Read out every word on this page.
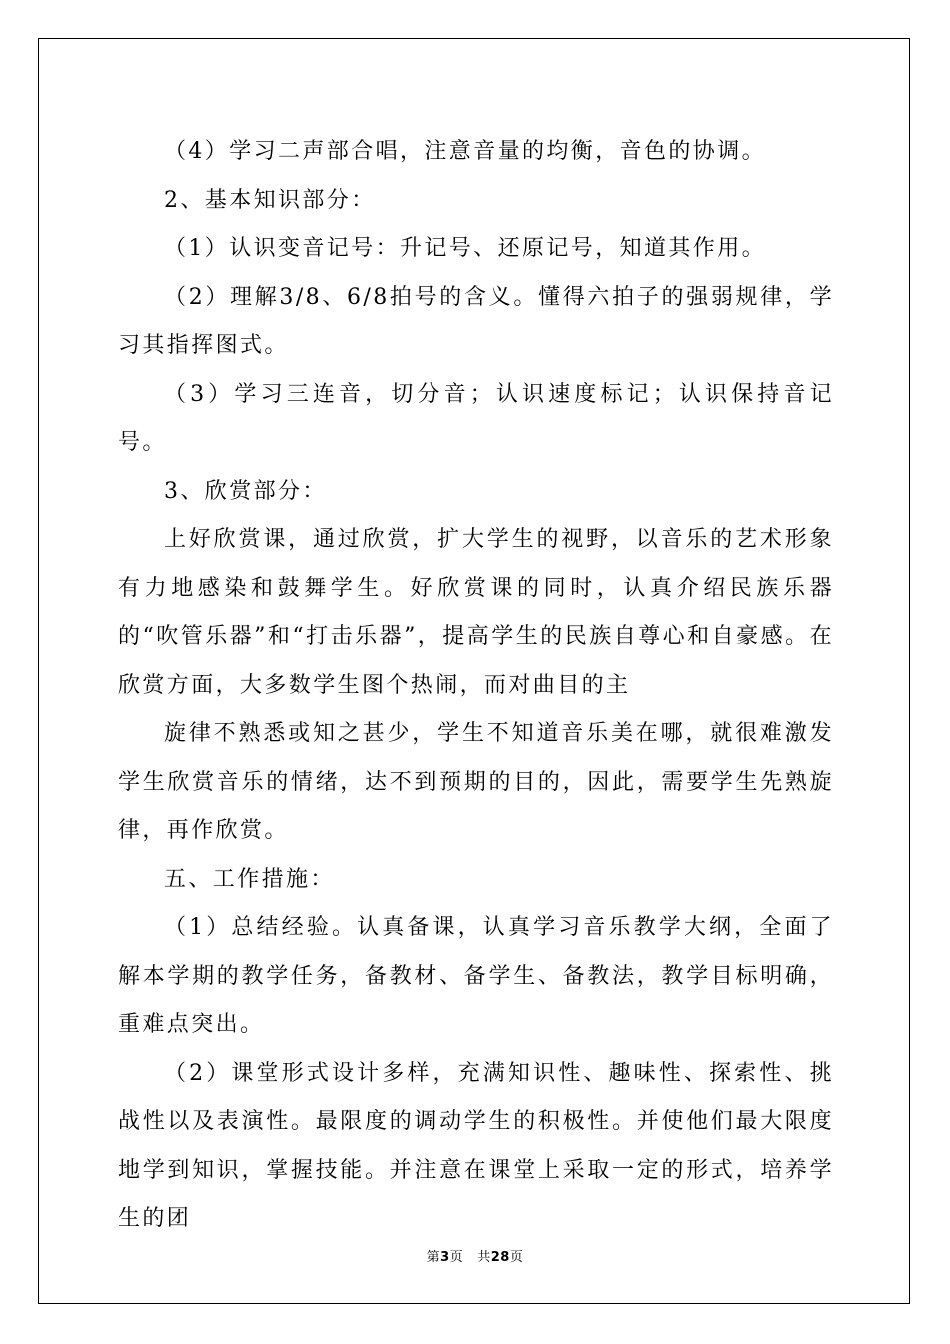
（4）学习二声部合唱，注意音量的均衡，音色的协调。

2、基本知识部分：

（1）认识变音记号：升记号、还原记号，知道其作用。

（2）理解3/8、6/8拍号的含义。懂得六拍子的强弱规律，学习其指挥图式。

（3）学习三连音，切分音；认识速度标记；认识保持音记号。

3、欣赏部分：

上好欣赏课，通过欣赏，扩大学生的视野，以音乐的艺术形象有力地感染和鼓舞学生。好欣赏课的同时，认真介绍民族乐器的“吹管乐器”和“打击乐器”，提高学生的民族自尊心和自豪感。在欣赏方面，大多数学生图个热闹，而对曲目的主

旋律不熟悉或知之甚少，学生不知道音乐美在哪，就很难激发学生欣赏音乐的情绪，达不到预期的目的，因此，需要学生先熟旋律，再作欣赏。

五、工作措施：

（1）总结经验。认真备课，认真学习音乐教学大纲，全面了解本学期的教学任务，备教材、备学生、备教法，教学目标明确，重难点突出。

（2）课堂形式设计多样，充满知识性、趣味性、探索性、挑战性以及表演性。最限度的调动学生的积极性。并使他们最大限度地学到知识，掌握技能。并注意在课堂上采取一定的形式，培养学生的团

第3页 共28页
